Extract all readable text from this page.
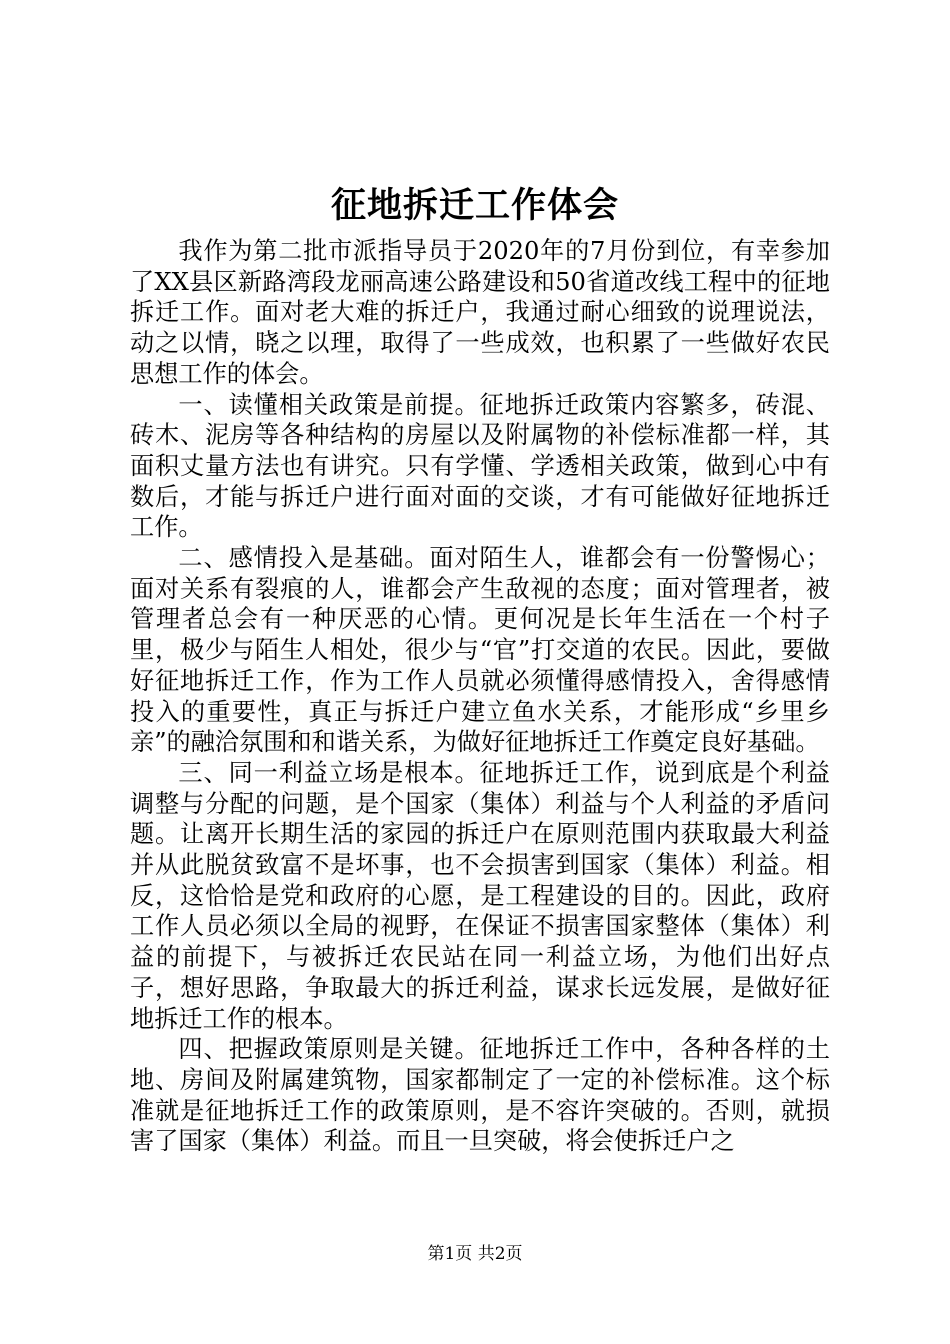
征地拆迁工作体会

我作为第二批市派指导员于2020年的7月份到位，有幸参加了XX县区新路湾段龙丽高速公路建设和50省道改线工程中的征地拆迁工作。面对老大难的拆迁户，我通过耐心细致的说理说法，动之以情，晓之以理，取得了一些成效，也积累了一些做好农民思想工作的体会。

一、读懂相关政策是前提。征地拆迁政策内容繁多，砖混、砖木、泥房等各种结构的房屋以及附属物的补偿标准都一样，其面积丈量方法也有讲究。只有学懂、学透相关政策，做到心中有数后，才能与拆迁户进行面对面的交谈，才有可能做好征地拆迁工作。

二、感情投入是基础。面对陌生人，谁都会有一份警惕心；面对关系有裂痕的人，谁都会产生敌视的态度；面对管理者，被管理者总会有一种厌恶的心情。更何况是长年生活在一个村子里，极少与陌生人相处，很少与“官”打交道的农民。因此，要做好征地拆迁工作，作为工作人员就必须懂得感情投入，舍得感情投入的重要性，真正与拆迁户建立鱼水关系，才能形成“乡里乡亲”的融洽氛围和和谐关系，为做好征地拆迁工作奠定良好基础。

三、同一利益立场是根本。征地拆迁工作，说到底是个利益调整与分配的问题，是个国家（集体）利益与个人利益的矛盾问题。让离开长期生活的家园的拆迁户在原则范围内获取最大利益并从此脱贫致富不是坏事，也不会损害到国家（集体）利益。相反，这恰恰是党和政府的心愿，是工程建设的目的。因此，政府工作人员必须以全局的视野，在保证不损害国家整体（集体）利益的前提下，与被拆迁农民站在同一利益立场，为他们出好点子，想好思路，争取最大的拆迁利益，谋求长远发展，是做好征地拆迁工作的根本。

四、把握政策原则是关键。征地拆迁工作中，各种各样的土地、房间及附属建筑物，国家都制定了一定的补偿标准。这个标准就是征地拆迁工作的政策原则，是不容许突破的。否则，就损害了国家（集体）利益。而且一旦突破，将会使拆迁户之

第1页 共2页
